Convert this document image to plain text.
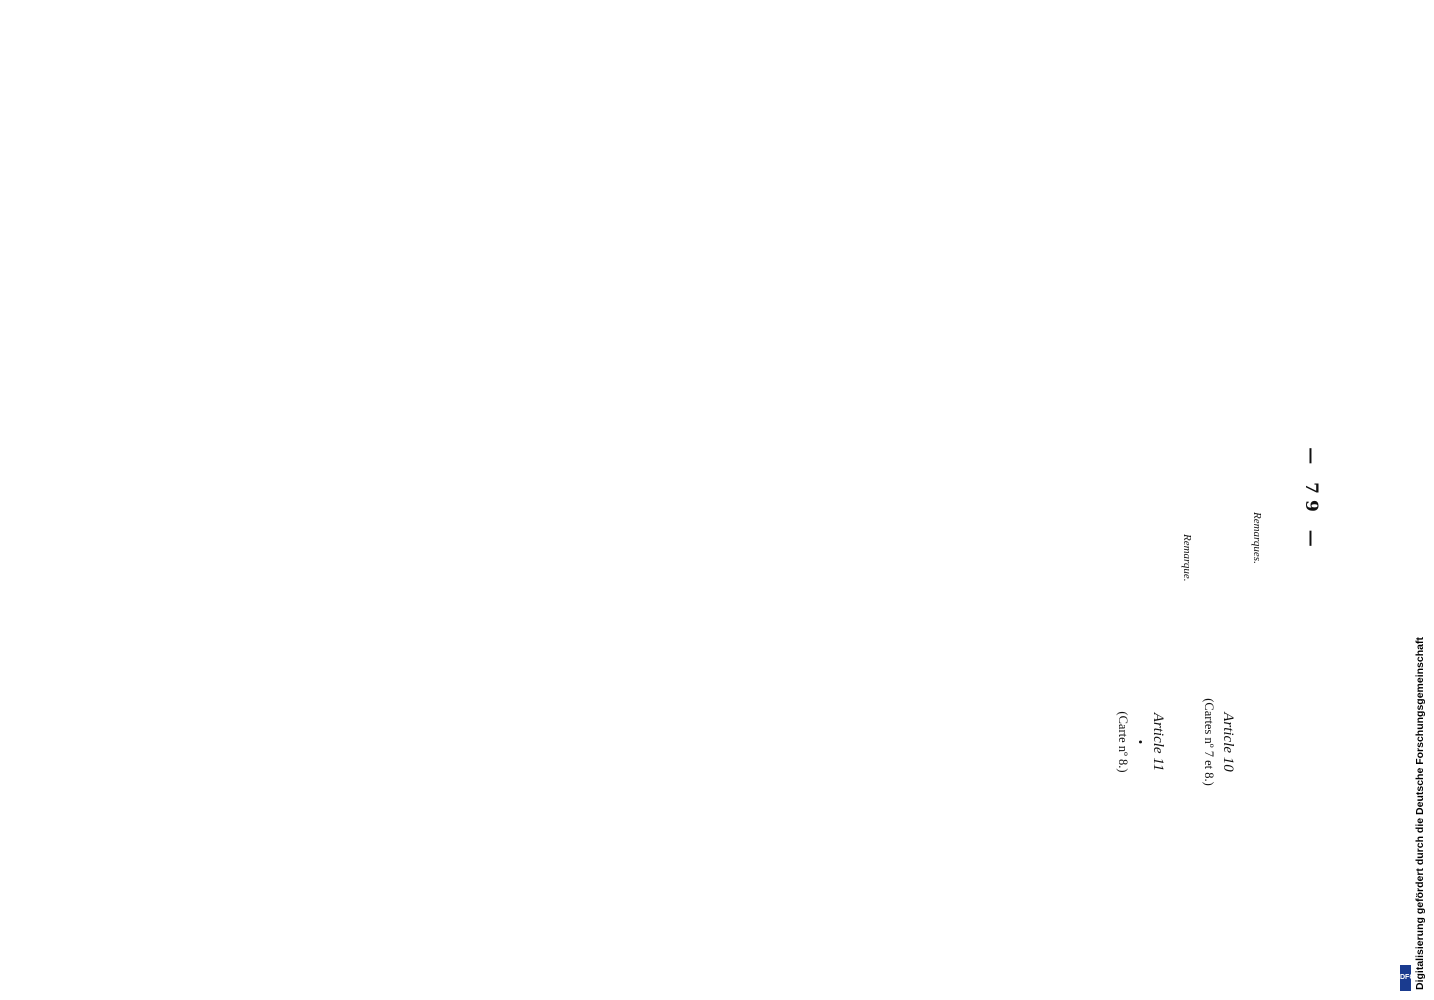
— 79 —

Remarques.

Article 10
(Cartes nº 7 et 8.)

Remarque.

Article 11
•
(Carte nº 8.)

DFG Digitalisierung gefördert durch die Deutsche Forschungsgemeinschaft
